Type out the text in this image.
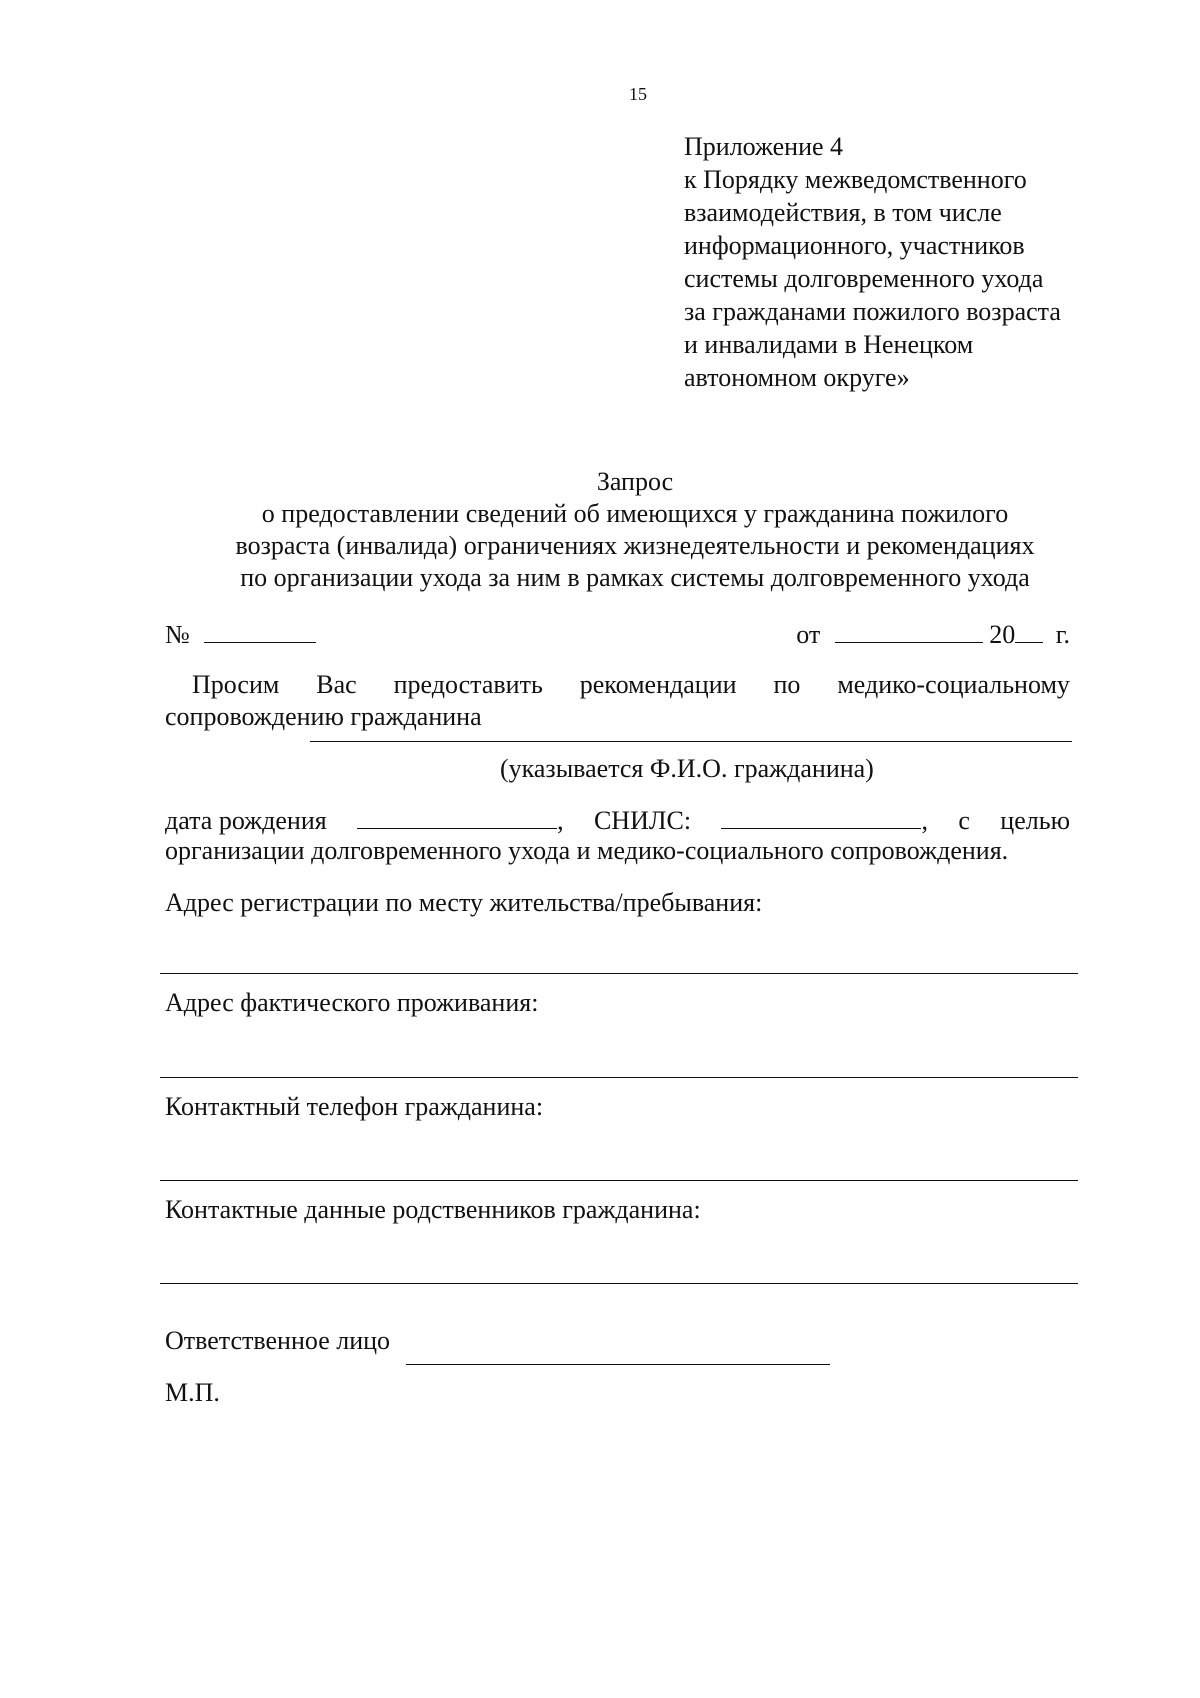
15
Приложение 4
к Порядку межведомственного
взаимодействия, в том числе
информационного, участников
системы долговременного ухода
за гражданами пожилого возраста
и инвалидами в Ненецком
автономном округе»
Запрос
о предоставлении сведений об имеющихся у гражданина пожилого
возраста (инвалида) ограничениях жизнедеятельности и рекомендациях
по организации ухода за ним в рамках системы долговременного ухода
№	от	20 г.
Просим Вас предоставить рекомендации по медико-социальному
сопровождению гражданина
(указывается Ф.И.О. гражданина)
дата рождения	, СНИЛС:	, с целью
организации долговременного ухода и медико-социального сопровождения.
Адрес регистрации по месту жительства/пребывания:
Адрес фактического проживания:
Контактный телефон гражданина:
Контактные данные родственников гражданина:
Ответственное лицо
М.П.
